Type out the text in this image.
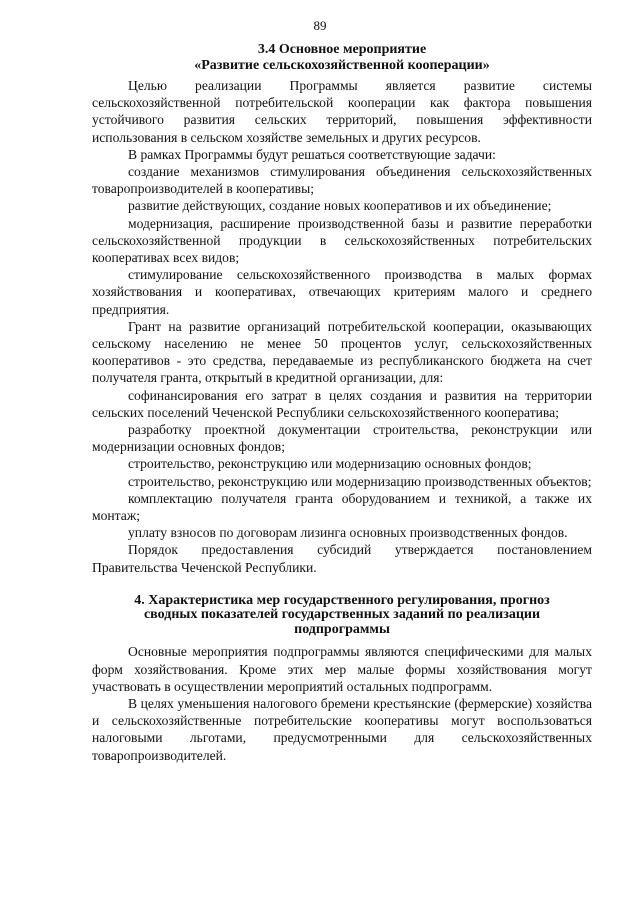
89
3.4 Основное мероприятие
«Развитие сельскохозяйственной кооперации»

Целью реализации Программы является развитие системы сельскохозяйственной потребительской кооперации как фактора повышения устойчивого развития сельских территорий, повышения эффективности использования в сельском хозяйстве земельных и других ресурсов.

В рамках Программы будут решаться соответствующие задачи:

создание механизмов стимулирования объединения сельскохозяйственных товаропроизводителей в кооперативы;

развитие действующих, создание новых кооперативов и их объединение;

модернизация, расширение производственной базы и развитие переработки сельскохозяйственной продукции в сельскохозяйственных потребительских кооперативах всех видов;

стимулирование сельскохозяйственного производства в малых формах хозяйствования и кооперативах, отвечающих критериям малого и среднего предприятия.

Грант на развитие организаций потребительской кооперации, оказывающих сельскому населению не менее 50 процентов услуг, сельскохозяйственных кооперативов - это средства, передаваемые из республиканского бюджета на счет получателя гранта, открытый в кредитной организации, для:

софинансирования его затрат в целях создания и развития на территории сельских поселений Чеченской Республики сельскохозяйственного кооператива;

разработку проектной документации строительства, реконструкции или модернизации основных фондов;

строительство, реконструкцию или модернизацию основных фондов;

строительство, реконструкцию или модернизацию производственных объектов;

комплектацию получателя гранта оборудованием и техникой, а также их монтаж;

уплату взносов по договорам лизинга основных производственных фондов.

Порядок предоставления субсидий утверждается постановлением Правительства Чеченской Республики.

4. Характеристика мер государственного регулирования, прогноз
сводных показателей государственных заданий по реализации
подпрограммы

Основные мероприятия подпрограммы являются специфическими для малых форм хозяйствования. Кроме этих мер малые формы хозяйствования могут участвовать в осуществлении мероприятий остальных подпрограмм.

В целях уменьшения налогового бремени крестьянские (фермерские) хозяйства и сельскохозяйственные потребительские кооперативы могут воспользоваться налоговыми льготами, предусмотренными для сельскохозяйственных товаропроизводителей.
